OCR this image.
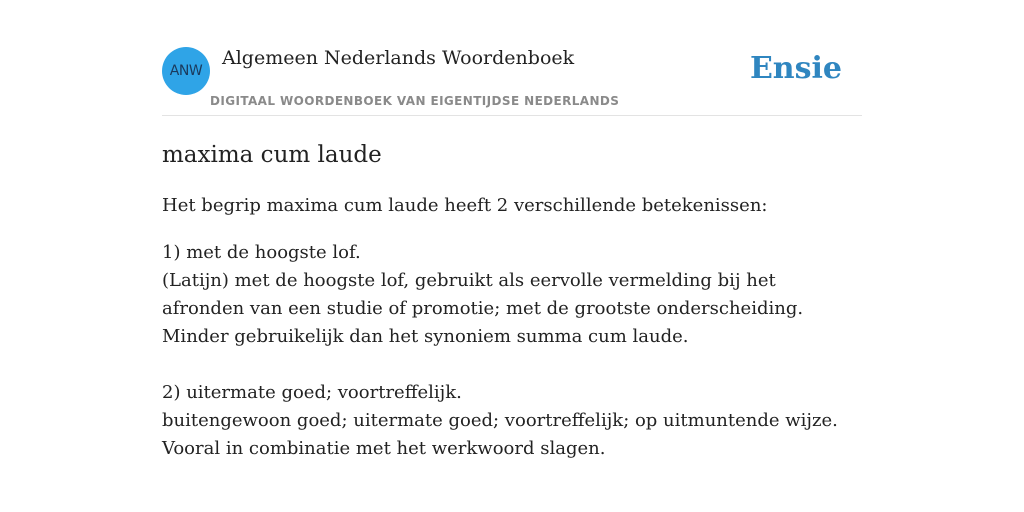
ANW
Algemeen Nederlands Woordenboek
DIGITAAL WOORDENBOEK VAN EIGENTIJDSE NEDERLANDS
Ensie
maxima cum laude

Het begrip maxima cum laude heeft 2 verschillende betekenissen:

1) met de hoogste lof.

(Latijn) met de hoogste lof, gebruikt als eervolle vermelding bij het afronden van een studie of promotie; met de grootste onderscheiding.

Minder gebruikelijk dan het synoniem summa cum laude.

2) uitermate goed; voortreffelijk.

buitengewoon goed; uitermate goed; voortreffelijk; op uitmuntende wijze.

Vooral in combinatie met het werkwoord slagen.
